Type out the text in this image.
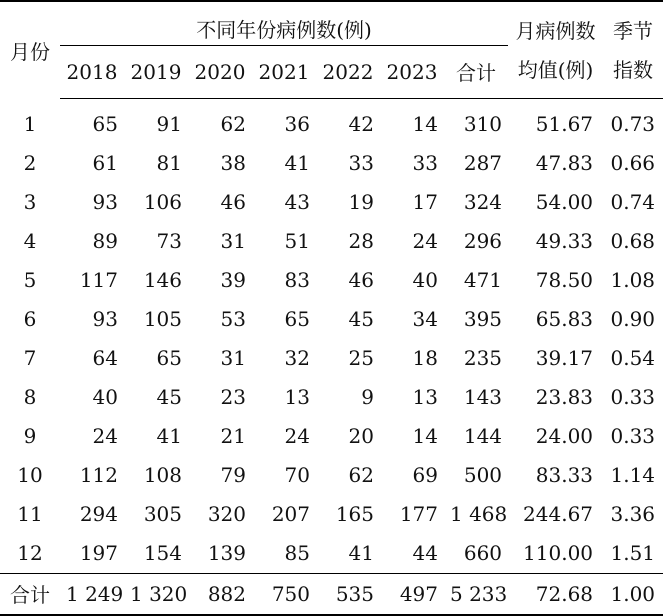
月份	不同年份病例数(例)							月病例数	季节
	2018	2019	2020	2021	2022	2023	合计	均值(例)	指数
1	65	91	62	36	42	14	310	51.67	0.73
2	61	81	38	41	33	33	287	47.83	0.66
3	93	106	46	43	19	17	324	54.00	0.74
4	89	73	31	51	28	24	296	49.33	0.68
5	117	146	39	83	46	40	471	78.50	1.08
6	93	105	53	65	45	34	395	65.83	0.90
7	64	65	31	32	25	18	235	39.17	0.54
8	40	45	23	13	9	13	143	23.83	0.33
9	24	41	21	24	20	14	144	24.00	0.33
10	112	108	79	70	62	69	500	83.33	1.14
11	294	305	320	207	165	177	1 468	244.67	3.36
12	197	154	139	85	41	44	660	110.00	1.51
合计	1 249	1 320	882	750	535	497	5 233	72.68	1.00
